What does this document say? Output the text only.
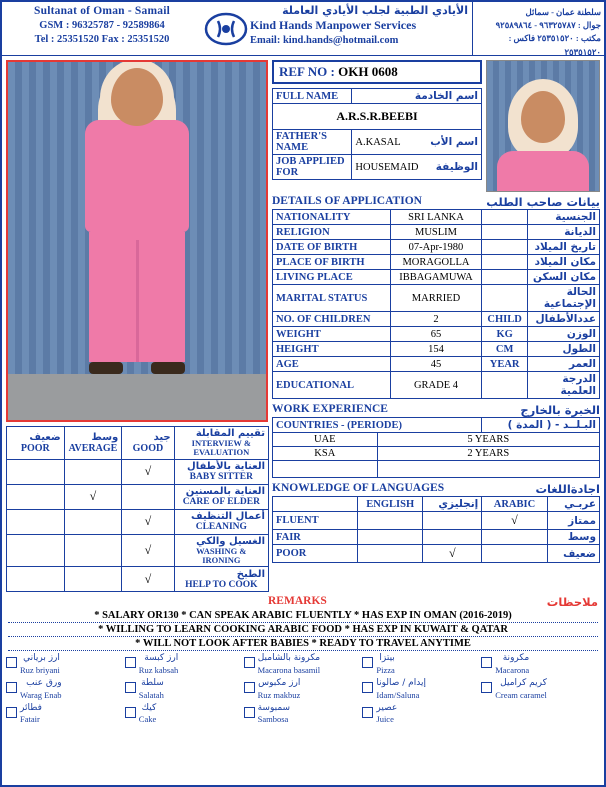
Sultanat of Oman - Samail
GSM : 96325787 - 92589864
Tel : 25351520 Fax : 25351520
الأيادي الطبية لجلب الأيادي العاملة
Kind Hands Manpower Services
Email: kind.hands@hotmail.com
سلطنة عمان - سمائل
جوال : ٩٦٣٢٥٧٨٧ - ٩٢٥٨٩٨٦٤
مكتب : ٢٥٣٥١٥٢٠ فاكس : ٢٥٣٥١٥٢٠
ضعيف
POOR

وسط
AVERAGE

جيد
GOOD

تقييم المقابلة
INTERVIEW & EVALUATION

		√	العناية بالأطفال
BABY SITTER

	√		العناية بالمسنين
CARE OF ELDER

		√	أعمال التنظيف
CLEANING

		√	الغسيل والكي
WASHING & IRONING

		√	الطبخ
HELP TO COOK
REF NO : OKH 0608
FULL NAME	اسم الخادمة
A.R.S.R.BEEBI
FATHER'S NAME		A.KASAL	اسم الأب

JOB APPLIED FOR		HOUSEMAID	الوظيفة
DETAILS OF APPLICATION	بيانات صاحب الطلب
NATIONALITY	SRI LANKA		الجنسية
RELIGION	MUSLIM		الديانة
DATE OF BIRTH	07-Apr-1980		تاريخ الميلاد
PLACE OF BIRTH	MORAGOLLA		مكان الميلاد
LIVING PLACE	IBBAGAMUWA		مكان السكن
MARITAL STATUS	MARRIED		الحالة الإجتماعية
NO. OF CHILDREN	2	CHILD	عددالأطفال
WEIGHT	65	KG	الوزن
HEIGHT	154	CM	الطول
AGE	45	YEAR	العمر
EDUCATIONAL	GRADE 4		الدرجة العلمية
WORK EXPERIENCE	الخبرة بالخارج
COUNTRIES - (PERIODE)		البـلــد - ( المدة )
UAE	5 YEARS	
KSA	2 YEARS	

KNOWLEDGE OF LANGUAGES	اجادةاللغات
	ENGLISH	إنجليزي	ARABIC	عربـي
FLUENT			√	ممتاز
FAIR				وسط
POOR		√		ضعيف
REMARKS	ملاحظات
* SALARY OR130 * CAN SPEAK ARABIC FLUENTLY * HAS EXP IN OMAN (2016-2019)
* WILLING TO LEARN COOKING ARABIC FOOD * HAS EXP IN KUWAIT & QATAR
* WILL NOT LOOK AFTER BABIES * READY TO TRAVEL ANYTIME
ارز برياني
Ruz briyani
ارز كبسة
Ruz kabsah
مكرونة بالشامبل
Macarona basamil
بيتزا
Pizza
مكرونة
Macarona
ورق عنب
Warag Enab
سلطة
Salatah
ارز مكبوس
Ruz makbuz
إيدام / صالونا
Idam/Saluna
كريم كراميل
Cream caramel
فطائر
Fatair
كيك
Cake
سمبوسة
Sambosa
عصير
Juice
